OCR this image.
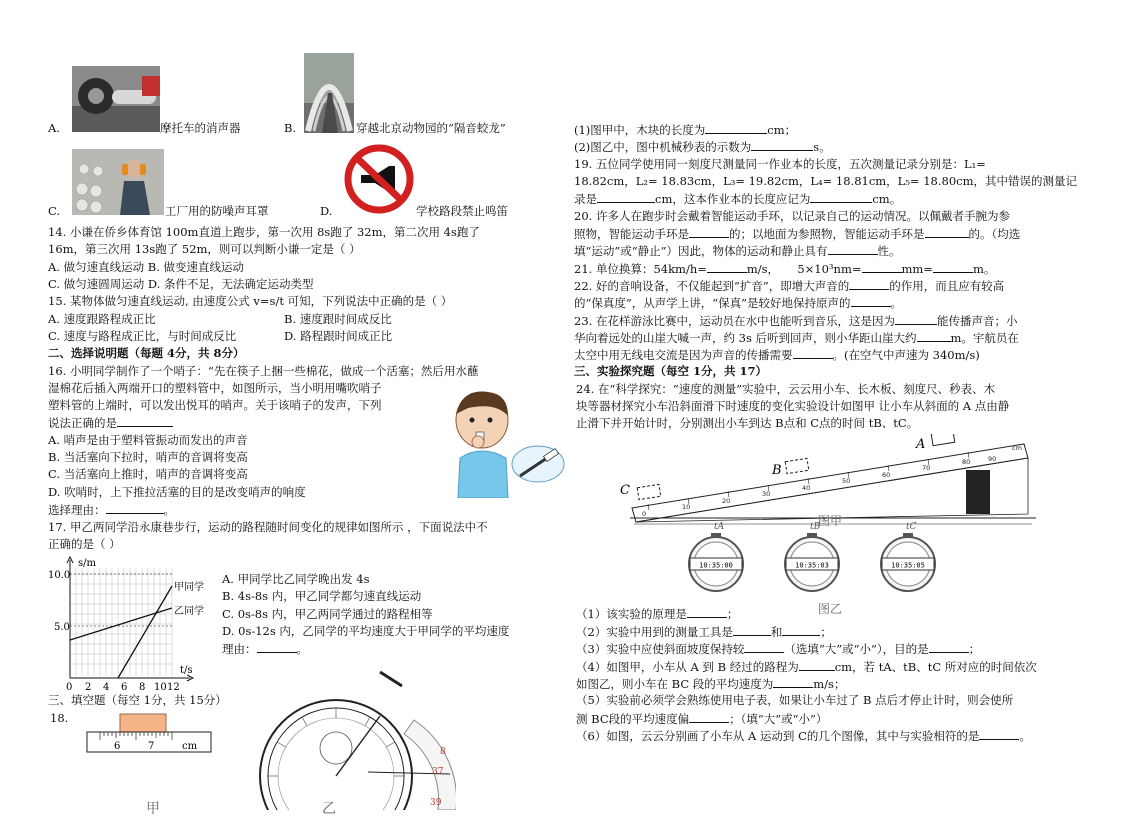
A.	摩托车的消声器	B.	穿越北京动物园的“隔音蛟龙”
C.	工厂用的防噪声耳罩	D.	学校路段禁止鸣笛
14. 小谦在侨乡体育馆 100m直道上跑步，第一次用 8s跑了 32m，第二次用 4s跑了
16m，第三次用 13s跑了 52m，则可以判断小谦一定是（ ）
A. 做匀速直线运动 B. 做变速直线运动
C. 做匀速圆周运动 D. 条件不足，无法确定运动类型
15. 某物体做匀速直线运动, 由速度公式 v=s/t 可知，下列说法中正确的是（ ）
A. 速度跟路程成正比	B. 速度跟时间成反比
C. 速度与路程成正比，与时间成反比	D. 路程跟时间成正比
二、选择说明题（每题 4分，共 8分）
16. 小明同学制作了一个哨子：“先在筷子上捆一些棉花，做成一个活塞；然后用水蘸
湿棉花后插入两端开口的塑料管中，如图所示，当小明用嘴吹哨子
塑料管的上端时，可以发出悦耳的哨声。关于该哨子的发声，下列
说法正确的是
A. 哨声是由于塑料管振动而发出的声音
B. 当活塞向下拉时，哨声的音调将变高
C. 当活塞向上推时，哨声的音调将变高
D. 吹哨时，上下推拉活塞的目的是改变哨声的响度
选择理由：	。
17. 甲乙两同学沿永康巷步行，运动的路程随时间变化的规律如图所示 ，下面说法中不
正确的是（ ）
s/m
t/s
10.0
5.0
0 2 4 6 8 10 12
甲同学
乙同学
A. 甲同学比乙同学晚出发 4s
B. 4s-8s 内，甲乙同学都匀速直线运动
C. 0s-8s 内，甲乙两同学通过的路程相等
D. 0s-12s 内，乙同学的平均速度大于甲同学的平均速度
理由：	。
三、填空题（每空 1分，共 15分）
18.
6	7	cm
37
8
39
甲	乙
(1)图甲中，木块的长度为	cm；
(2)图乙中，图中机械秒表的示数为	s。
19. 五位同学使用同一刻度尺测量同一作业本的长度，五次测量记录分别是：L₁=
18.82cm，L₂= 18.83cm，L₃= 19.82cm，L₄= 18.81cm，L₅= 18.80cm，其中错误的测量记
录是	cm，这本作业本的长度应记为	cm。
20. 许多人在跑步时会戴着智能运动手环，以记录自己的运动情况。以佩戴者手腕为参
照物，智能运动手环是	的；以地面为参照物，智能运动手环是	的。（均选
填“运动”或“静止”）因此，物体的运动和静止具有	性。
21. 单位换算：54km/h=	m/s， 5×10³nm=	mm=	m。
22. 好的音响设备，不仅能起到“扩音”，即增大声音的	的作用，而且应有较高
的“保真度”，从声学上讲，“保真”是较好地保持原声的	。
23. 在花样游泳比赛中，运动员在水中也能听到音乐，这是因为	能传播声音；小
华向着远处的山崖大喊一声，约 3s 后听到回声，则小华距山崖大约	m。宇航员在
太空中用无线电交流是因为声音的传播需要	。(在空气中声速为 340m/s)
三、实验探究题（每空 1分，共 17）
24. 在“科学探究：“速度的测量”实验中，云云用小车、长木板、刻度尺、秒表、木
块等器材探究小车沿斜面滑下时速度的变化实验设计如图甲 让小车从斜面的 A 点由静
止滑下并开始计时，分别测出小车到达 B点和 C点的时间 tB、tC。
0
10
20
30
40
50
60
70
80	90
cm
C
B
A
图甲
10:35:00
tA
10:35:03
tB
10:35:05
tC
图乙
（1）该实验的原理是	；
（2）实验中用到的测量工具是	和	；
（3）实验中应使斜面坡度保持较	（选填“大”或“小”），目的是	；
（4）如图甲，小车从 A 到 B 经过的路程为	cm，若 tA、tB、tC 所对应的时间依次
如图乙，则小车在 BC 段的平均速度为	m/s；
（5）实验前必须学会熟练使用电子表，如果让小车过了 B 点后才停止计时，则会使所
测 BC段的平均速度偏	；（填“大”或“小”）
（6）如图，云云分别画了小车从 A 运动到 C的几个图像，其中与实验相符的是	。
